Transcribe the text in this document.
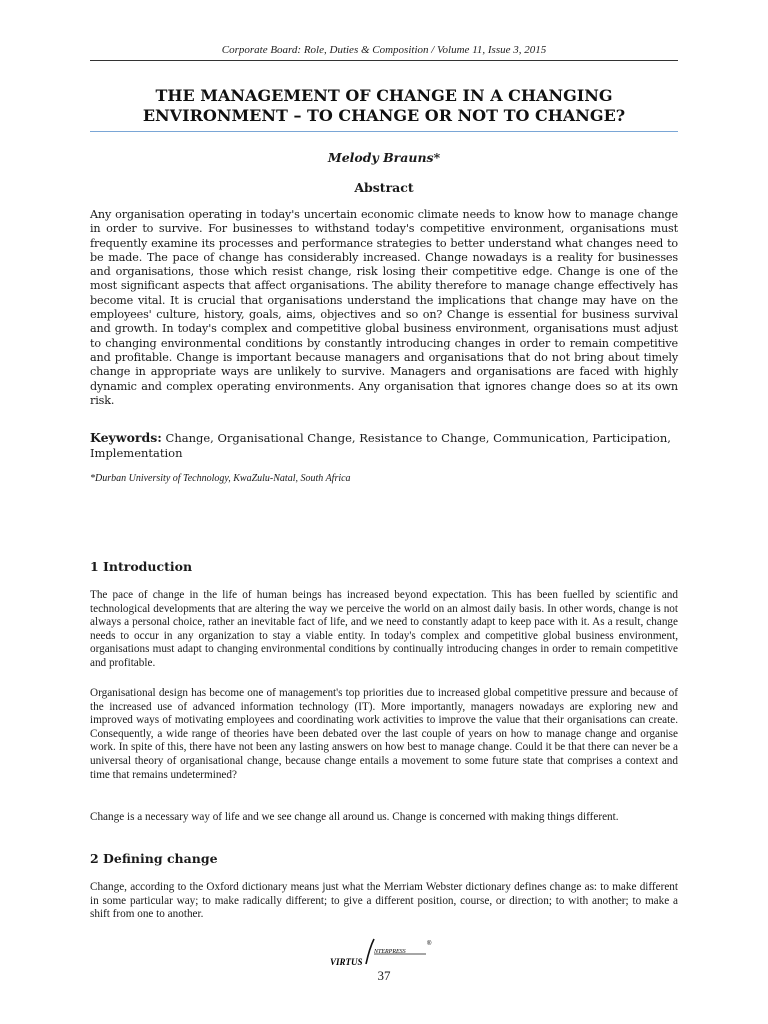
Corporate Board: Role, Duties & Composition / Volume 11, Issue 3, 2015
THE MANAGEMENT OF CHANGE IN A CHANGING
ENVIRONMENT – TO CHANGE OR NOT TO CHANGE?
Melody Brauns*
Abstract

Any organisation operating in today's uncertain economic climate needs to know how to manage change in order to survive. For businesses to withstand today's competitive environment, organisations must frequently examine its processes and performance strategies to better understand what changes need to be made. The pace of change has considerably increased. Change nowadays is a reality for businesses and organisations, those which resist change, risk losing their competitive edge. Change is one of the most significant aspects that affect organisations. The ability therefore to manage change effectively has become vital. It is crucial that organisations understand the implications that change may have on the employees' culture, history, goals, aims, objectives and so on? Change is essential for business survival and growth. In today's complex and competitive global business environment, organisations must adjust to changing environmental conditions by constantly introducing changes in order to remain competitive and profitable. Change is important because managers and organisations that do not bring about timely change in appropriate ways are unlikely to survive. Managers and organisations are faced with highly dynamic and complex operating environments. Any organisation that ignores change does so at its own risk.

Keywords: Change, Organisational Change, Resistance to Change, Communication, Participation, Implementation

*Durban University of Technology, KwaZulu-Natal, South Africa
1 Introduction

The pace of change in the life of human beings has increased beyond expectation. This has been fuelled by scientific and technological developments that are altering the way we perceive the world on an almost daily basis. In other words, change is not always a personal choice, rather an inevitable fact of life, and we need to constantly adapt to keep pace with it. As a result, change needs to occur in any organization to stay a viable entity. In today's complex and competitive global business environment, organisations must adapt to changing environmental conditions by continually introducing changes in order to remain competitive and profitable.

Organisational design has become one of management's top priorities due to increased global competitive pressure and because of the increased use of advanced information technology (IT). More importantly, managers nowadays are exploring new and improved ways of motivating employees and coordinating work activities to improve the value that their organisations can create. Consequently, a wide range of theories have been debated over the last couple of years on how to manage change and organise work. In spite of this, there have not been any lasting answers on how best to manage change. Could it be that there can never be a universal theory of organisational change, because change entails a movement to some future state that comprises a context and time that remains undetermined?

Change is a necessary way of life and we see change all around us. Change is concerned with making things different.

2 Defining change

Change, according to the Oxford dictionary means just what the Merriam Webster dictionary defines change as: to make different in some particular way; to make radically different; to give a different position, course, or direction; to with another; to make a shift from one to another.

VIRTUS
NTERPRESS
®
37
